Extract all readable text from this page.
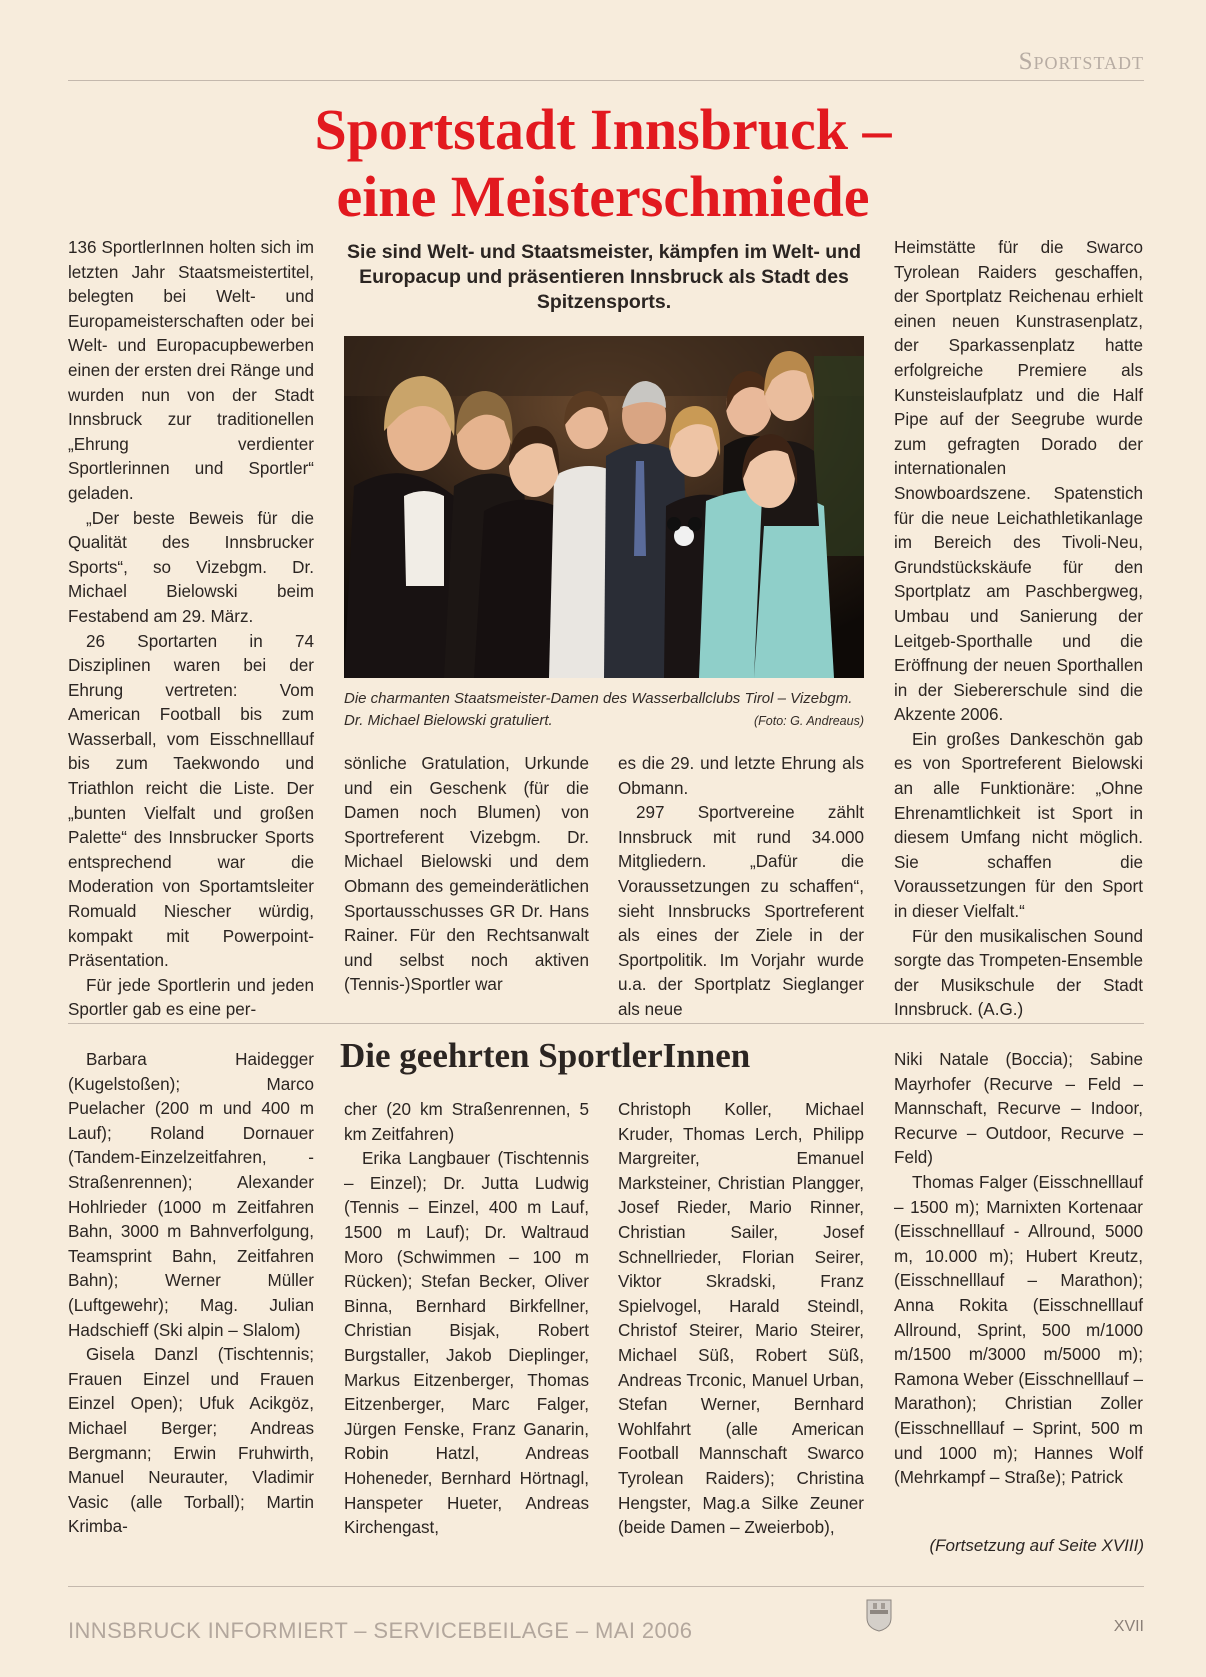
Sportstadt
Sportstadt Innsbruck –
eine Meisterschmiede

136 SportlerInnen holten sich im letzten Jahr Staatsmeistertitel, belegten bei Welt- und Europameisterschaften oder bei Welt- und Europacupbewerben einen der ersten drei Ränge und wurden nun von der Stadt Innsbruck zur traditionellen „Ehrung verdienter Sportlerinnen und Sportler“ geladen.

„Der beste Beweis für die Qualität des Innsbrucker Sports“, so Vizebgm. Dr. Michael Bielowski beim Festabend am 29. März.

26 Sportarten in 74 Disziplinen waren bei der Ehrung vertreten: Vom American Football bis zum Wasserball, vom Eisschnelllauf bis zum Taekwondo und Triathlon reicht die Liste. Der „bunten Vielfalt und großen Palette“ des Innsbrucker Sports entsprechend war die Moderation von Sportamtsleiter Romuald Niescher würdig, kompakt mit Powerpoint-Präsentation.

Für jede Sportlerin und jeden Sportler gab es eine per-

Sie sind Welt- und Staatsmeister, kämpfen im Welt- und Europacup und präsentieren Innsbruck als Stadt des Spitzensports.
Die charmanten Staatsmeister-Damen des Wasserballclubs Tirol – Vizebgm. Dr. Michael Bielowski gratuliert.	(Foto: G. Andreaus)

sönliche Gratulation, Urkunde und ein Geschenk (für die Damen noch Blumen) von Sportreferent Vizebgm. Dr. Michael Bielowski und dem Obmann des gemeinderätlichen Sportausschusses GR Dr. Hans Rainer. Für den Rechtsanwalt und selbst noch aktiven (Tennis-)Sportler war

es die 29. und letzte Ehrung als Obmann.

297 Sportvereine zählt Innsbruck mit rund 34.000 Mitgliedern. „Dafür die Voraussetzungen zu schaffen“, sieht Innsbrucks Sportreferent als eines der Ziele in der Sportpolitik. Im Vorjahr wurde u.a. der Sportplatz Sieglanger als neue

Heimstätte für die Swarco Tyrolean Raiders geschaffen, der Sportplatz Reichenau erhielt einen neuen Kunstrasenplatz, der Sparkassenplatz hatte erfolgreiche Premiere als Kunsteislaufplatz und die Half Pipe auf der Seegrube wurde zum gefragten Dorado der internationalen Snowboardszene. Spatenstich für die neue Leichathletikanlage im Bereich des Tivoli-Neu, Grundstückskäufe für den Sportplatz am Paschbergweg, Umbau und Sanierung der Leitgeb-Sporthalle und die Eröffnung der neuen Sporthallen in der Siebererschule sind die Akzente 2006.

Ein großes Dankeschön gab es von Sportreferent Bielowski an alle Funktionäre: „Ohne Ehrenamtlichkeit ist Sport in diesem Umfang nicht möglich. Sie schaffen die Voraussetzungen für den Sport in dieser Vielfalt.“

Für den musikalischen Sound sorgte das Trompeten-Ensemble der Musikschule der Stadt Innsbruck. (A.G.)

Die geehrten SportlerInnen

Barbara Haidegger (Kugelstoßen); Marco Puelacher (200 m und 400 m Lauf); Roland Dornauer (Tandem-Einzelzeitfahren, -Straßenrennen); Alexander Hohlrieder (1000 m Zeitfahren Bahn, 3000 m Bahnverfolgung, Teamsprint Bahn, Zeitfahren Bahn); Werner Müller (Luftgewehr); Mag. Julian Hadschieff (Ski alpin – Slalom)

Gisela Danzl (Tischtennis; Frauen Einzel und Frauen Einzel Open); Ufuk Acikgöz, Michael Berger; Andreas Bergmann; Erwin Fruhwirth, Manuel Neurauter, Vladimir Vasic (alle Torball); Martin Krimba-

cher (20 km Straßenrennen, 5 km Zeitfahren)

Erika Langbauer (Tischtennis – Einzel); Dr. Jutta Ludwig (Tennis – Einzel, 400 m Lauf, 1500 m Lauf); Dr. Waltraud Moro (Schwimmen – 100 m Rücken); Stefan Becker, Oliver Binna, Bernhard Birkfellner, Christian Bisjak, Robert Burgstaller, Jakob Dieplinger, Markus Eitzenberger, Thomas Eitzenberger, Marc Falger, Jürgen Fenske, Franz Ganarin, Robin Hatzl, Andreas Hoheneder, Bernhard Hörtnagl, Hanspeter Hueter, Andreas Kirchengast,

Christoph Koller, Michael Kruder, Thomas Lerch, Philipp Margreiter, Emanuel Marksteiner, Christian Plangger, Josef Rieder, Mario Rinner, Christian Sailer, Josef Schnellrieder, Florian Seirer, Viktor Skradski, Franz Spielvogel, Harald Steindl, Christof Steirer, Mario Steirer, Michael Süß, Robert Süß, Andreas Trconic, Manuel Urban, Stefan Werner, Bernhard Wohlfahrt (alle American Football Mannschaft Swarco Tyrolean Raiders); Christina Hengster, Mag.a Silke Zeuner (beide Damen – Zweierbob),

Niki Natale (Boccia); Sabine Mayrhofer (Recurve – Feld – Mannschaft, Recurve – Indoor, Recurve – Outdoor, Recurve – Feld)

Thomas Falger (Eisschnelllauf – 1500 m); Marnixten Kortenaar (Eisschnelllauf - Allround, 5000 m, 10.000 m); Hubert Kreutz, (Eisschnelllauf – Marathon); Anna Rokita (Eisschnelllauf Allround, Sprint, 500 m/1000 m/1500 m/3000 m/5000 m); Ramona Weber (Eisschnelllauf – Marathon); Christian Zoller (Eisschnelllauf – Sprint, 500 m und 1000 m); Hannes Wolf (Mehrkampf – Straße); Patrick

(Fortsetzung auf Seite XVIII)
INNSBRUCK INFORMIERT – SERVICEBEILAGE – MAI 2006	XVII
